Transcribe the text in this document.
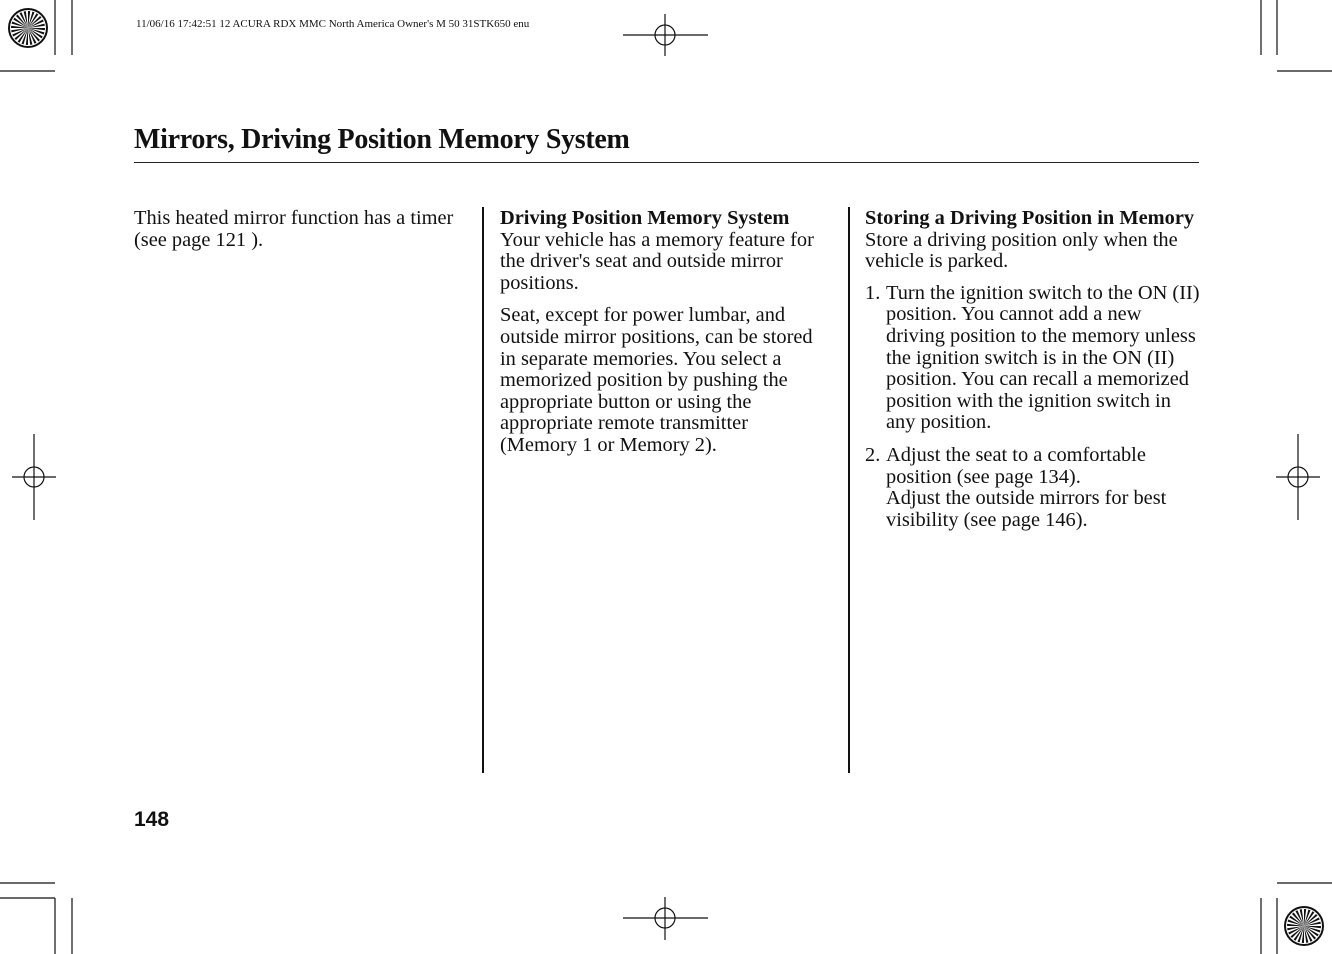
11/06/16 17:42:51 12 ACURA RDX MMC North America Owner's M 50 31STK650 enu
Mirrors, Driving Position Memory System

This heated mirror function has a timer (see page 121 ).

Driving Position Memory System

Your vehicle has a memory feature for the driver's seat and outside mirror positions.

Seat, except for power lumbar, and outside mirror positions, can be stored in separate memories. You select a memorized position by pushing the appropriate button or using the appropriate remote transmitter (Memory 1 or Memory 2).

Storing a Driving Position in Memory

Store a driving position only when the vehicle is parked.

1. Turn the ignition switch to the ON (II) position. You cannot add a new driving position to the memory unless the ignition switch is in the ON (II) position. You can recall a memorized position with the ignition switch in any position.
2. Adjust the seat to a comfortable position (see page 134).
Adjust the outside mirrors for best visibility (see page 146).
148
